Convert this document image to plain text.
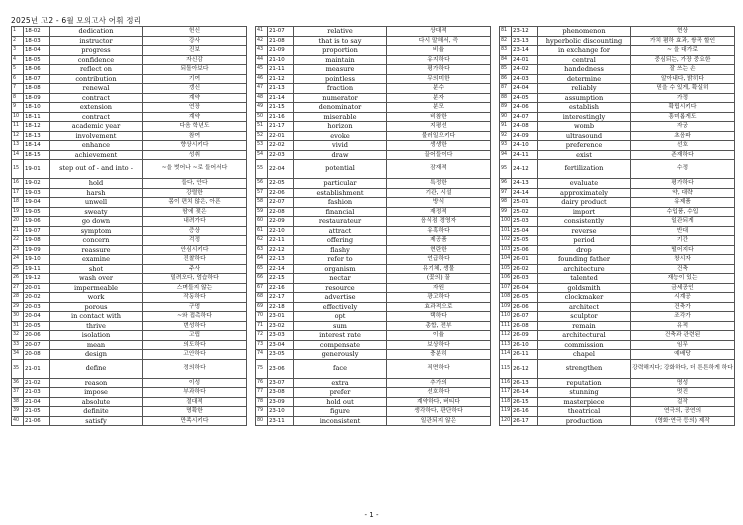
2025년 고2 - 6월 모의고사 어휘 정리
1	18-02	dedication	헌신
2	18-03	instructor	강사
3	18-04	progress	진보
4	18-05	confidence	자신감
5	18-06	reflect on	되돌아보다
6	18-07	contribution	기여
7	18-08	renewal	갱신
8	18-09	contract	계약
9	18-10	extension	연장
10	18-11	contract	계약
11	18-12	academic year	다음 학년도
12	18-13	involvement	참여
13	18-14	enhance	향상시키다
14	18-15	achievement	성취
15	19-01	step out of - and into -	~을 벗어나 ~로 들어서다
16	19-02	hold	들다, 안다
17	19-03	harsh	강렬한
18	19-04	unwell	몸이 편치 않은, 아픈
19	19-05	sweaty	땀에 젖은
20	19-06	go down	내려가다
21	19-07	symptom	증상
22	19-08	concern	걱정
23	19-09	reassure	안심시키다
24	19-10	examine	진찰하다
25	19-11	shot	주사
26	19-12	wash over	밀려오다, 엄습하다
27	20-01	impermeable	스며들지 않는
28	20-02	work	작동하다
29	20-03	porous	구멍
30	20-04	in contact with	~와 접촉하다
31	20-05	thrive	번성하다
32	20-06	isolation	고립
33	20-07	mean	의도하다
34	20-08	design	고안하다
35	21-01	define	정의하다
36	21-02	reason	이성
37	21-03	impose	부과하다
38	21-04	absolute	절대적
39	21-05	definite	명확한
40	21-06	satisfy	만족시키다
41	21-07	relative	상대적
42	21-08	that is to say	다시 말해서, 즉
43	21-09	proportion	비율
44	21-10	maintain	유지하다
45	21-11	measure	평가하다
46	21-12	pointless	무의미한
47	21-13	fraction	분수
48	21-14	numerator	분자
49	21-15	denominator	분모
50	21-16	miserable	비참한
51	21-17	horizon	지평선
52	22-01	evoke	불러일으키다
53	22-02	vivid	생생한
54	22-03	draw	끌어들이다
55	22-04	potential	잠재적
56	22-05	particular	특정한
57	22-06	establishment	기관, 시설
58	22-07	fashion	방식
59	22-08	financial	재정적
60	22-09	restaurateur	음식점 경영자
61	22-10	attract	유혹하다
62	22-11	offering	제공품
63	22-12	flashy	현란한
64	22-13	refer to	언급하다
65	22-14	organism	유기체, 생물
66	22-15	nectar	(꽃의) 꿀
67	22-16	resource	자원
68	22-17	advertise	광고하다
69	22-18	effectively	효과적으로
70	23-01	opt	택하다
71	23-02	sum	총합, 전부
72	23-03	interest rate	이율
73	23-04	compensate	보상하다
74	23-05	generously	충분히
75	23-06	face	직면하다
76	23-07	extra	추가의
77	23-08	prefer	선호하다
78	23-09	hold out	계약하다, 버티다
79	23-10	figure	생각하다, 판단하다
80	23-11	inconsistent	일관되지 않은
81	23-12	phenomenon	현상
82	23-13	hyperbolic discounting	가치 폄하 효과, 쌍곡 할인
83	23-14	in exchange for	~ 을 대가로
84	24-01	central	중심되는, 가장 중요한
85	24-02	handedness	잘 쓰는 손
86	24-03	determine	알아내다, 밝히다
87	24-04	reliably	믿을 수 있게, 확실히
88	24-05	assumption	가정
89	24-06	establish	확립시키다
90	24-07	interestingly	흥미롭게도
91	24-08	womb	자궁
92	24-09	ultrasound	초음파
93	24-10	preference	선호
94	24-11	exist	존재하다
95	24-12	fertilization	수정
96	24-13	evaluate	평가하다
97	24-14	approximately	약, 대략
98	25-01	dairy product	유제품
99	25-02	import	수입품, 수입
100	25-03	consistently	일관되게
101	25-04	reverse	반대
102	25-05	period	기간
103	25-06	drop	떨어지다
104	26-01	founding father	창시자
105	26-02	architecture	건축
106	26-03	talented	재능이 있는
107	26-04	goldsmith	금세공인
108	26-05	clockmaker	시계공
109	26-06	architect	건축가
110	26-07	sculptor	조각가
111	26-08	remain	유적
112	26-09	architectural	건축과 관련된
113	26-10	commission	임무
114	26-11	chapel	예배당
115	26-12	strengthen	강력해지다; 강화하다, 더 튼튼하게 하다
116	26-13	reputation	명성
117	26-14	stunning	멋진
118	26-15	masterpiece	걸작
119	26-16	theatrical	연극의, 공연의
120	26-17	production	(영화·연극 등의) 제작
- 1 -
